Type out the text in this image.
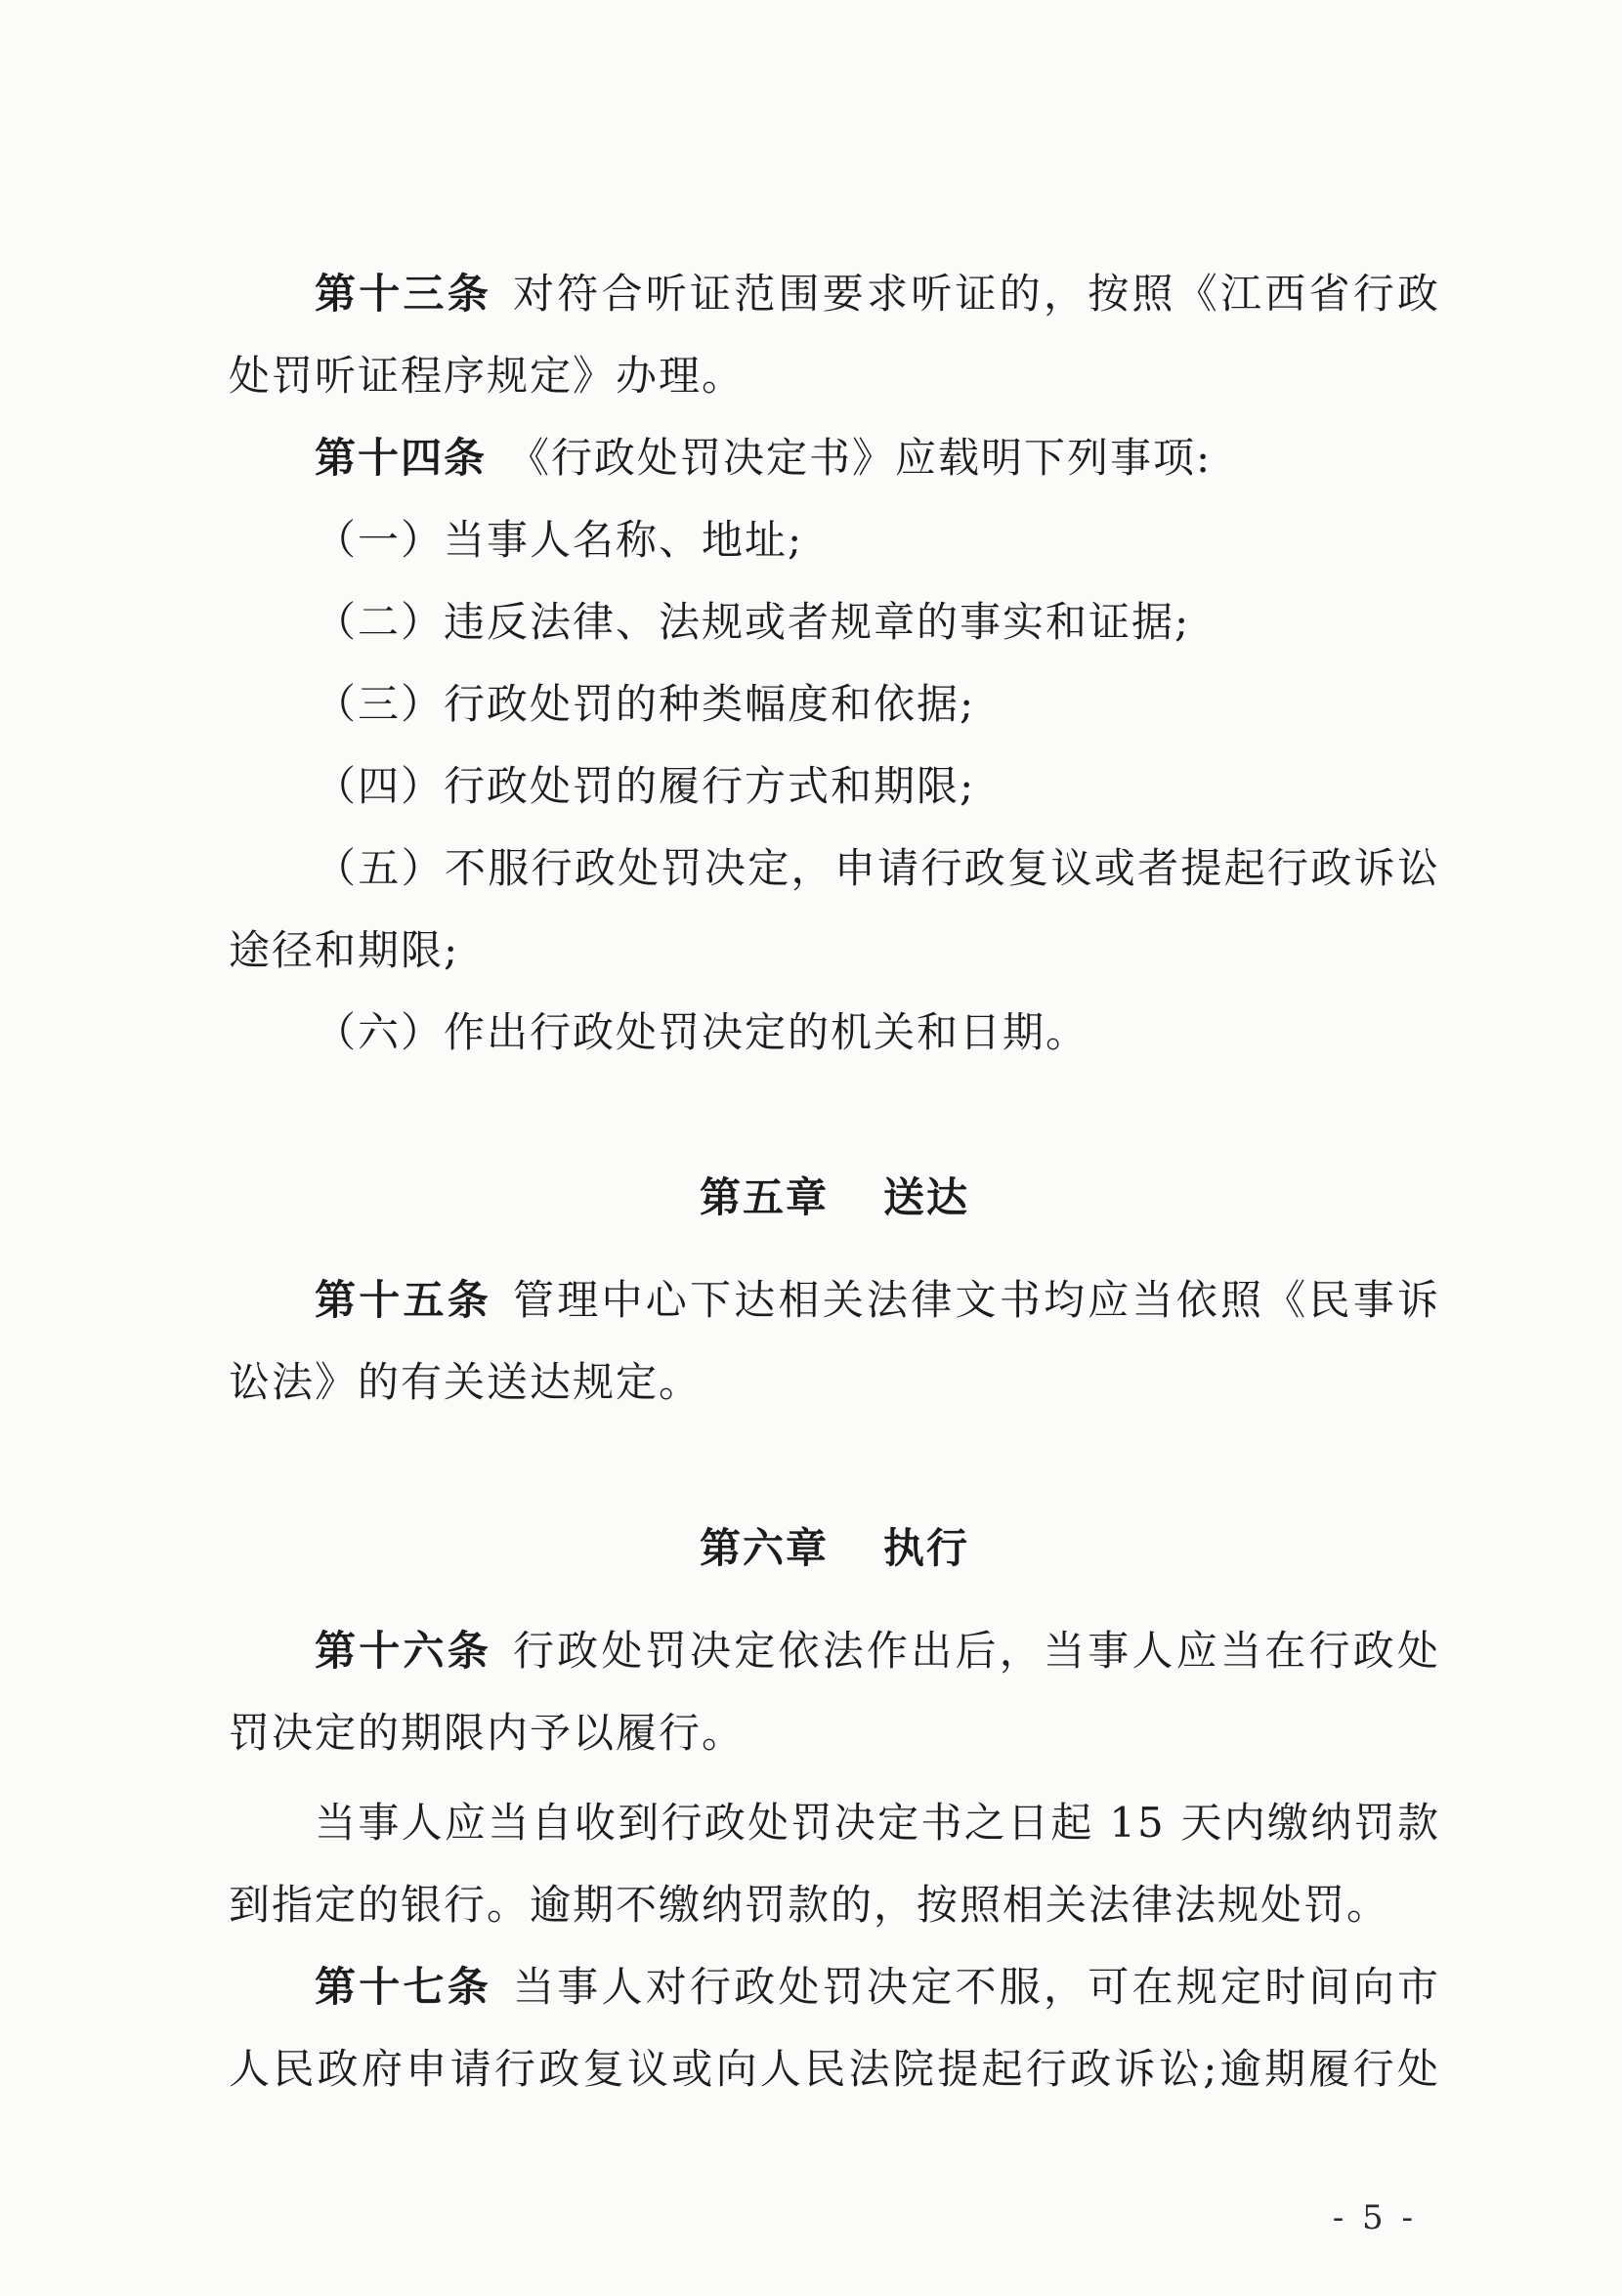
第十三条 对符合听证范围要求听证的，按照《江西省行政
处罚听证程序规定》办理。
第十四条 《行政处罚决定书》应载明下列事项:
（一）当事人名称、地址;
（二）违反法律、法规或者规章的事实和证据;
（三）行政处罚的种类幅度和依据;
（四）行政处罚的履行方式和期限;
（五）不服行政处罚决定，申请行政复议或者提起行政诉讼
途径和期限;
（六）作出行政处罚决定的机关和日期。
第五章 送达
第十五条 管理中心下达相关法律文书均应当依照《民事诉
讼法》的有关送达规定。
第六章 执行
第十六条 行政处罚决定依法作出后，当事人应当在行政处
罚决定的期限内予以履行。
当事人应当自收到行政处罚决定书之日起 15 天内缴纳罚款
到指定的银行。逾期不缴纳罚款的，按照相关法律法规处罚。
第十七条 当事人对行政处罚决定不服，可在规定时间向市
人民政府申请行政复议或向人民法院提起行政诉讼;逾期履行处
- 5 -
